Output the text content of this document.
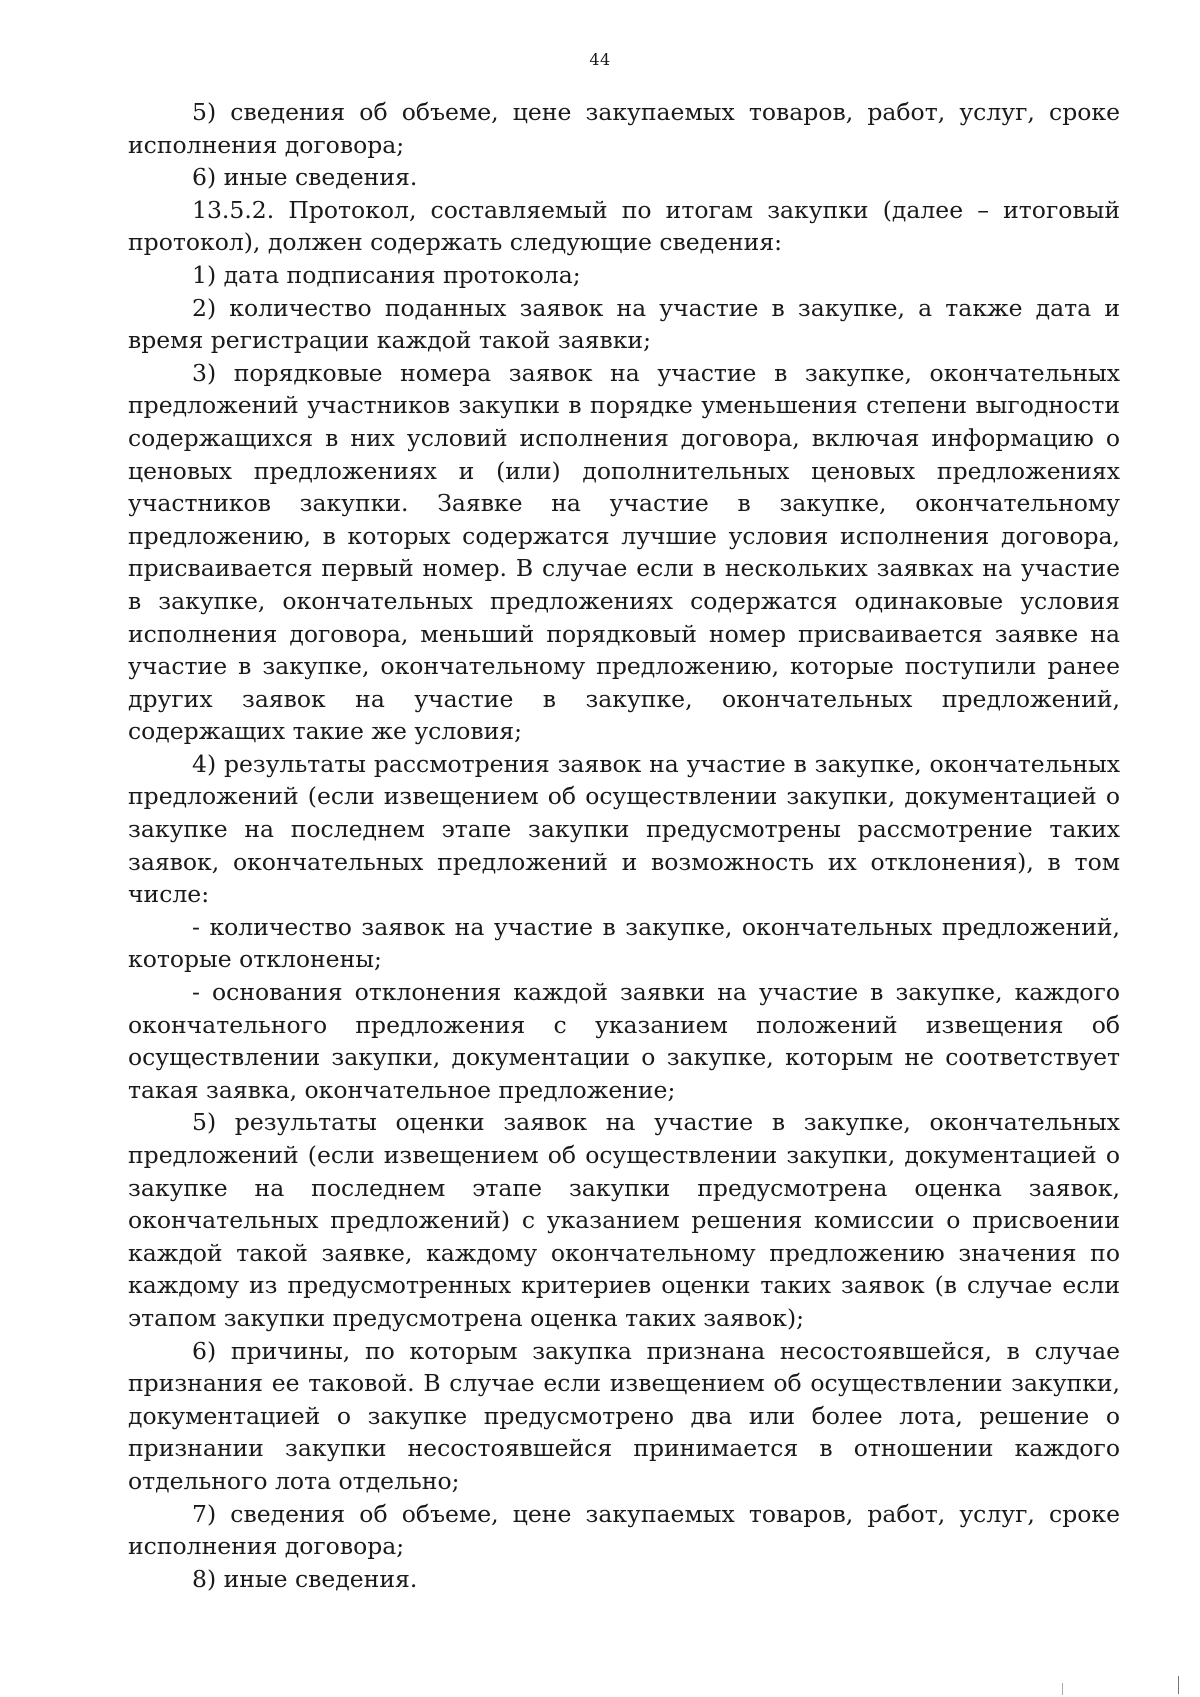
44

5) сведения об объеме, цене закупаемых товаров, работ, услуг, сроке исполнения договора;

6) иные сведения.

13.5.2. Протокол, составляемый по итогам закупки (далее – итоговый протокол), должен содержать следующие сведения:

1) дата подписания протокола;

2) количество поданных заявок на участие в закупке, а также дата и время регистрации каждой такой заявки;

3) порядковые номера заявок на участие в закупке, окончательных предложений участников закупки в порядке уменьшения степени выгодности содержащихся в них условий исполнения договора, включая информацию о ценовых предложениях и (или) дополнительных ценовых предложениях участников закупки. Заявке на участие в закупке, окончательному предложению, в которых содержатся лучшие условия исполнения договора, присваивается первый номер. В случае если в нескольких заявках на участие в закупке, окончательных предложениях содержатся одинаковые условия исполнения договора, меньший порядковый номер присваивается заявке на участие в закупке, окончательному предложению, которые поступили ранее других заявок на участие в закупке, окончательных предложений, содержащих такие же условия;

4) результаты рассмотрения заявок на участие в закупке, окончательных предложений (если извещением об осуществлении закупки, документацией о закупке на последнем этапе закупки предусмотрены рассмотрение таких заявок, окончательных предложений и возможность их отклонения), в том числе:

- количество заявок на участие в закупке, окончательных предложений, которые отклонены;

- основания отклонения каждой заявки на участие в закупке, каждого окончательного предложения с указанием положений извещения об осуществлении закупки, документации о закупке, которым не соответствует такая заявка, окончательное предложение;

5) результаты оценки заявок на участие в закупке, окончательных предложений (если извещением об осуществлении закупки, документацией о закупке на последнем этапе закупки предусмотрена оценка заявок, окончательных предложений) с указанием решения комиссии о присвоении каждой такой заявке, каждому окончательному предложению значения по каждому из предусмотренных критериев оценки таких заявок (в случае если этапом закупки предусмотрена оценка таких заявок);

6) причины, по которым закупка признана несостоявшейся, в случае признания ее таковой. В случае если извещением об осуществлении закупки, документацией о закупке предусмотрено два или более лота, решение о признании закупки несостоявшейся принимается в отношении каждого отдельного лота отдельно;

7) сведения об объеме, цене закупаемых товаров, работ, услуг, сроке исполнения договора;

8) иные сведения.
